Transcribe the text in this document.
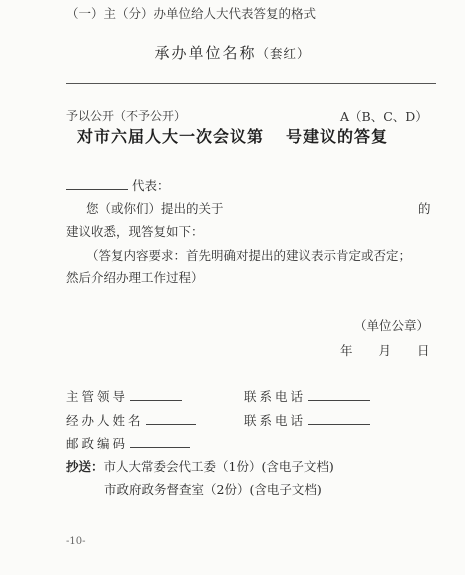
（一）主（分）办单位给人大代表答复的格式
承办单位名称（套红）
予以公开（不予公开）	A（B、C、D）
对市六届人大一次会议第 号建议的答复
代表：
您（或你们）提出的关于	的
建议收悉，现答复如下：
（答复内容要求：首先明确对提出的建议表示肯定或否定；
然后介绍办理工作过程）
（单位公章）
年 月 日
主管领导	联系电话
经办人姓名	联系电话
邮政编码
抄送：市人大常委会代工委（1份）(含电子文档)
市政府政务督查室（2份）(含电子文档)
-10-
